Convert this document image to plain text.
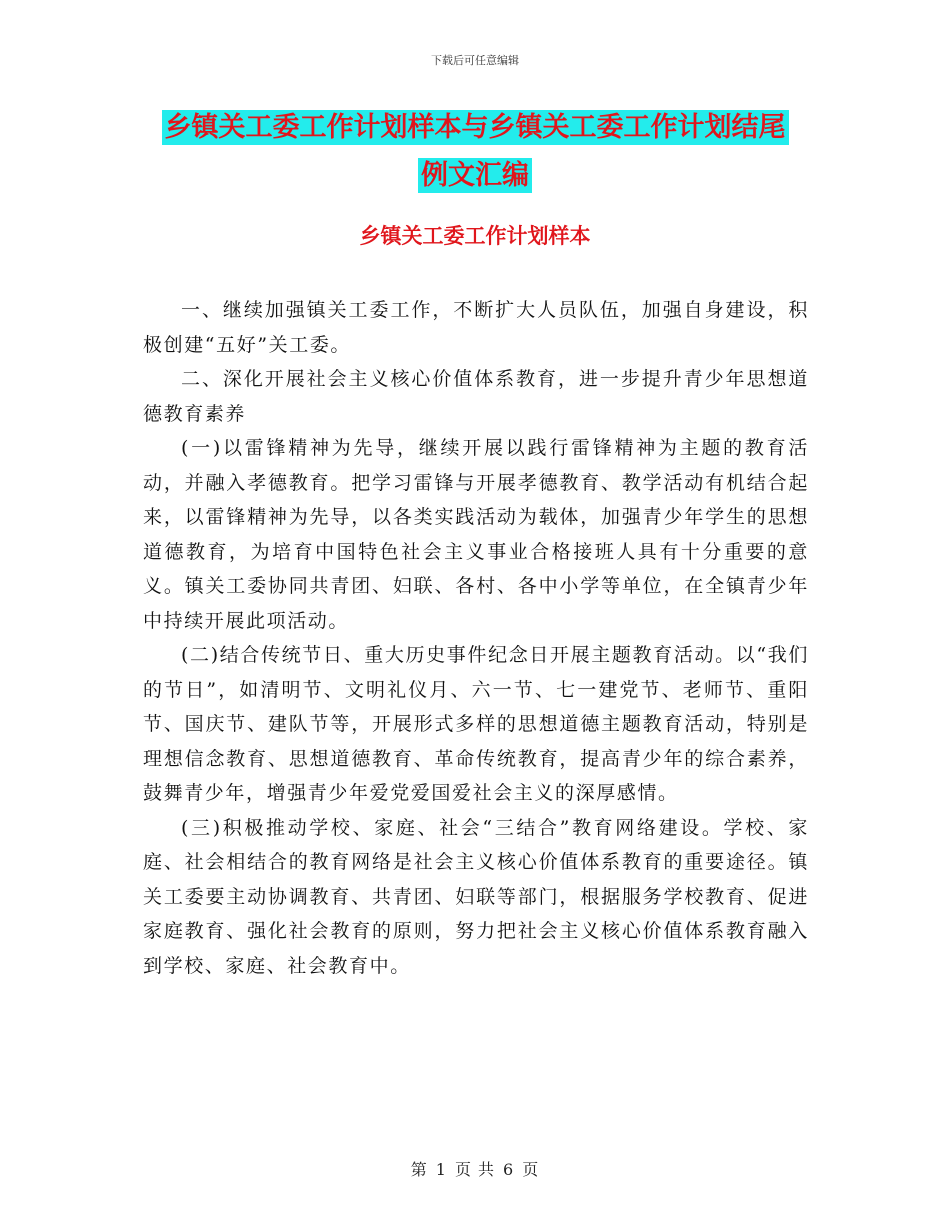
下载后可任意编辑
乡镇关工委工作计划样本与乡镇关工委工作计划结尾
例文汇编
乡镇关工委工作计划样本

一、继续加强镇关工委工作，不断扩大人员队伍，加强自身建设，积极创建“五好”关工委。

二、深化开展社会主义核心价值体系教育，进一步提升青少年思想道德教育素养

(一)以雷锋精神为先导，继续开展以践行雷锋精神为主题的教育活动，并融入孝德教育。把学习雷锋与开展孝德教育、教学活动有机结合起来，以雷锋精神为先导，以各类实践活动为载体，加强青少年学生的思想道德教育，为培育中国特色社会主义事业合格接班人具有十分重要的意义。镇关工委协同共青团、妇联、各村、各中小学等单位，在全镇青少年中持续开展此项活动。

(二)结合传统节日、重大历史事件纪念日开展主题教育活动。以“我们的节日”，如清明节、文明礼仪月、六一节、七一建党节、老师节、重阳节、国庆节、建队节等，开展形式多样的思想道德主题教育活动，特别是理想信念教育、思想道德教育、革命传统教育，提高青少年的综合素养，鼓舞青少年，增强青少年爱党爱国爱社会主义的深厚感情。

(三)积极推动学校、家庭、社会“三结合”教育网络建设。学校、家庭、社会相结合的教育网络是社会主义核心价值体系教育的重要途径。镇关工委要主动协调教育、共青团、妇联等部门，根据服务学校教育、促进家庭教育、强化社会教育的原则，努力把社会主义核心价值体系教育融入到学校、家庭、社会教育中。

第 1 页 共 6 页
